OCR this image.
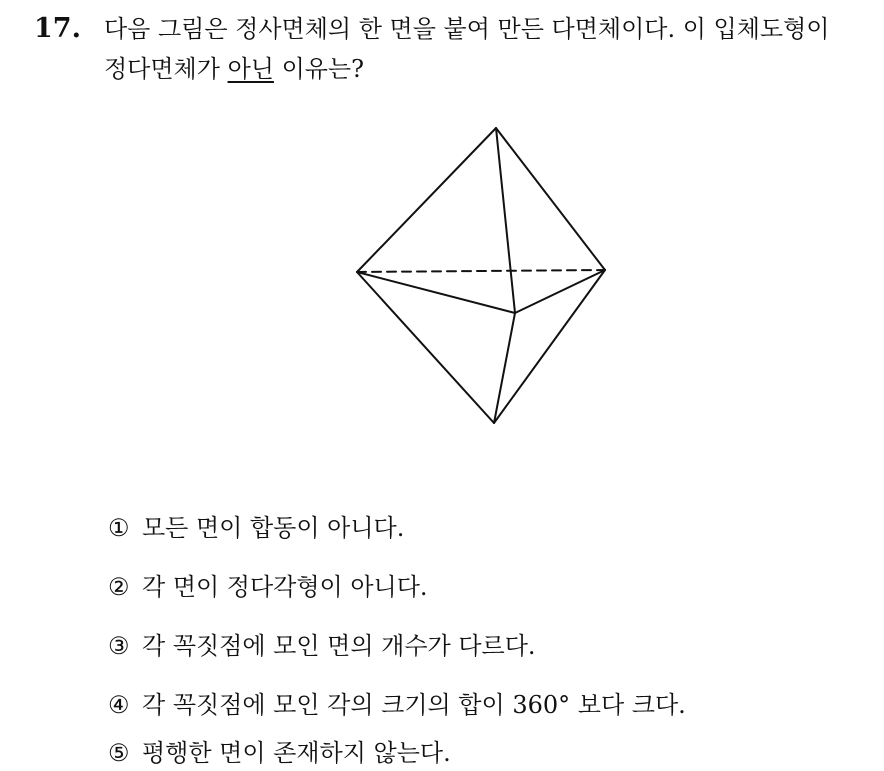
17. 다음 그림은 정사면체의 한 면을 붙여 만든 다면체이다. 이 입체도형이
정다면체가 아닌 이유는?
① 모든 면이 합동이 아니다.
② 각 면이 정다각형이 아니다.
③ 각 꼭짓점에 모인 면의 개수가 다르다.
④ 각 꼭짓점에 모인 각의 크기의 합이 360° 보다 크다.
⑤ 평행한 면이 존재하지 않는다.
